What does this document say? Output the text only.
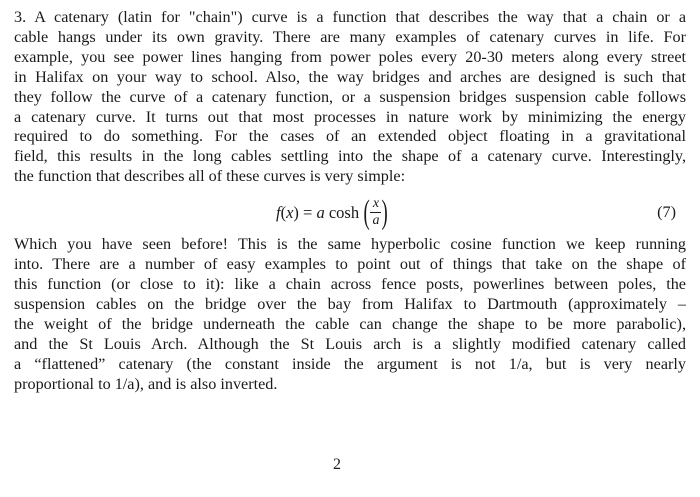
3. A catenary (latin for "chain") curve is a function that describes the way that a chain or a
cable hangs under its own gravity. There are many examples of catenary curves in life. For
example, you see power lines hanging from power poles every 20-30 meters along every street
in Halifax on your way to school. Also, the way bridges and arches are designed is such that
they follow the curve of a catenary function, or a suspension bridges suspension cable follows
a catenary curve. It turns out that most processes in nature work by minimizing the energy
required to do something. For the cases of an extended object floating in a gravitational
field, this results in the long cables settling into the shape of a catenary curve. Interestingly,
the function that describes all of these curves is very simple:

f ( x ) = a cosh ( $\frac{x}{a}$ )	(7)

Which you have seen before! This is the same hyperbolic cosine function we keep running
into. There are a number of easy examples to point out of things that take on the shape of
this function (or close to it): like a chain across fence posts, powerlines between poles, the
suspension cables on the bridge over the bay from Halifax to Dartmouth (approximately –
the weight of the bridge underneath the cable can change the shape to be more parabolic),
and the St Louis Arch. Although the St Louis arch is a slightly modified catenary called
a “flattened” catenary (the constant inside the argument is not 1/a, but is very nearly
proportional to 1/a), and is also inverted.

2
